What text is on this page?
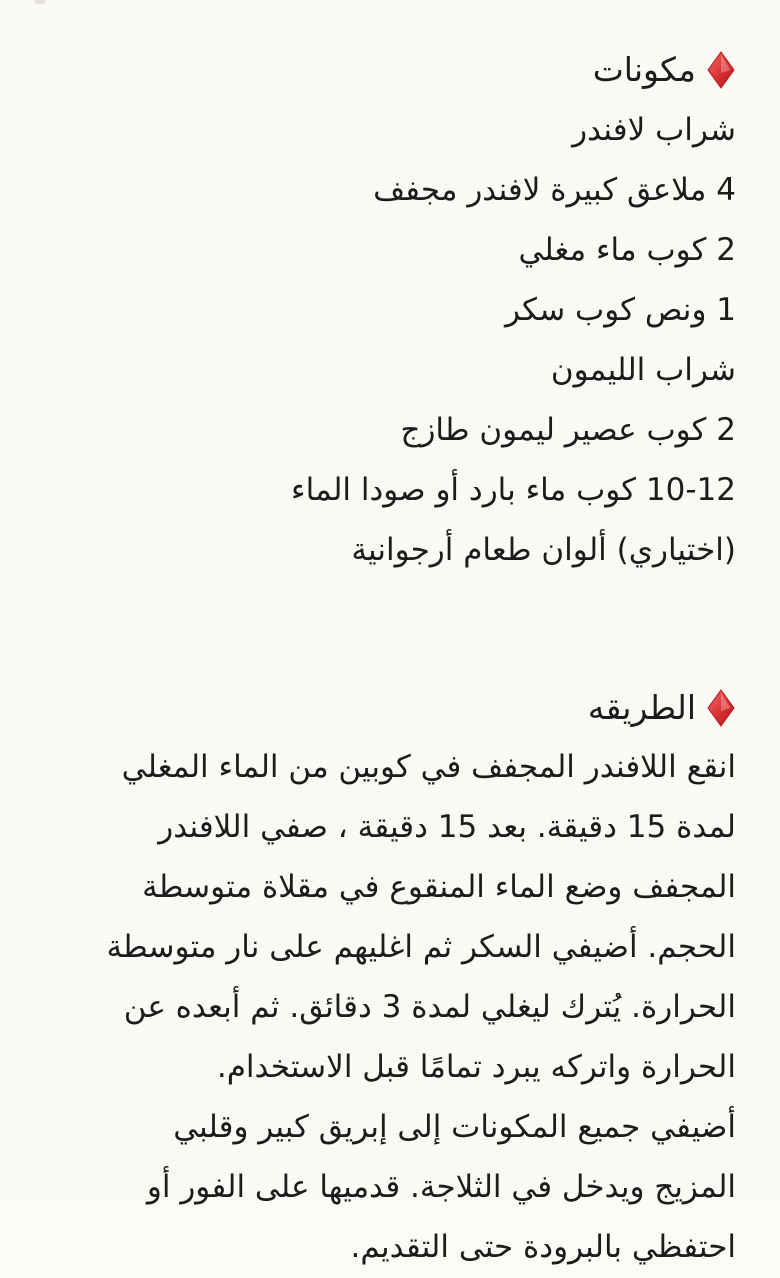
مكونات
شراب لافندر
4 ملاعق كبيرة لافندر مجفف
2 كوب ماء مغلي
1 ونص كوب سكر
شراب الليمون
2 كوب عصير ليمون طازج
10-12 كوب ماء بارد أو صودا الماء
(اختياري) ألوان طعام أرجوانية
الطريقه
انقع اللافندر المجفف في كوبين من الماء المغلي
لمدة 15 دقيقة. بعد 15 دقيقة ، صفي اللافندر
المجفف وضع الماء المنقوع في مقلاة متوسطة
الحجم. أضيفي السكر ثم اغليهم على نار متوسطة
الحرارة. يُترك ليغلي لمدة 3 دقائق. ثم أبعده عن
الحرارة واتركه يبرد تمامًا قبل الاستخدام.
أضيفي جميع المكونات إلى إبريق كبير وقلبي
المزيج ويدخل في الثلاجة. قدميها على الفور أو
احتفظي بالبرودة حتى التقديم.
